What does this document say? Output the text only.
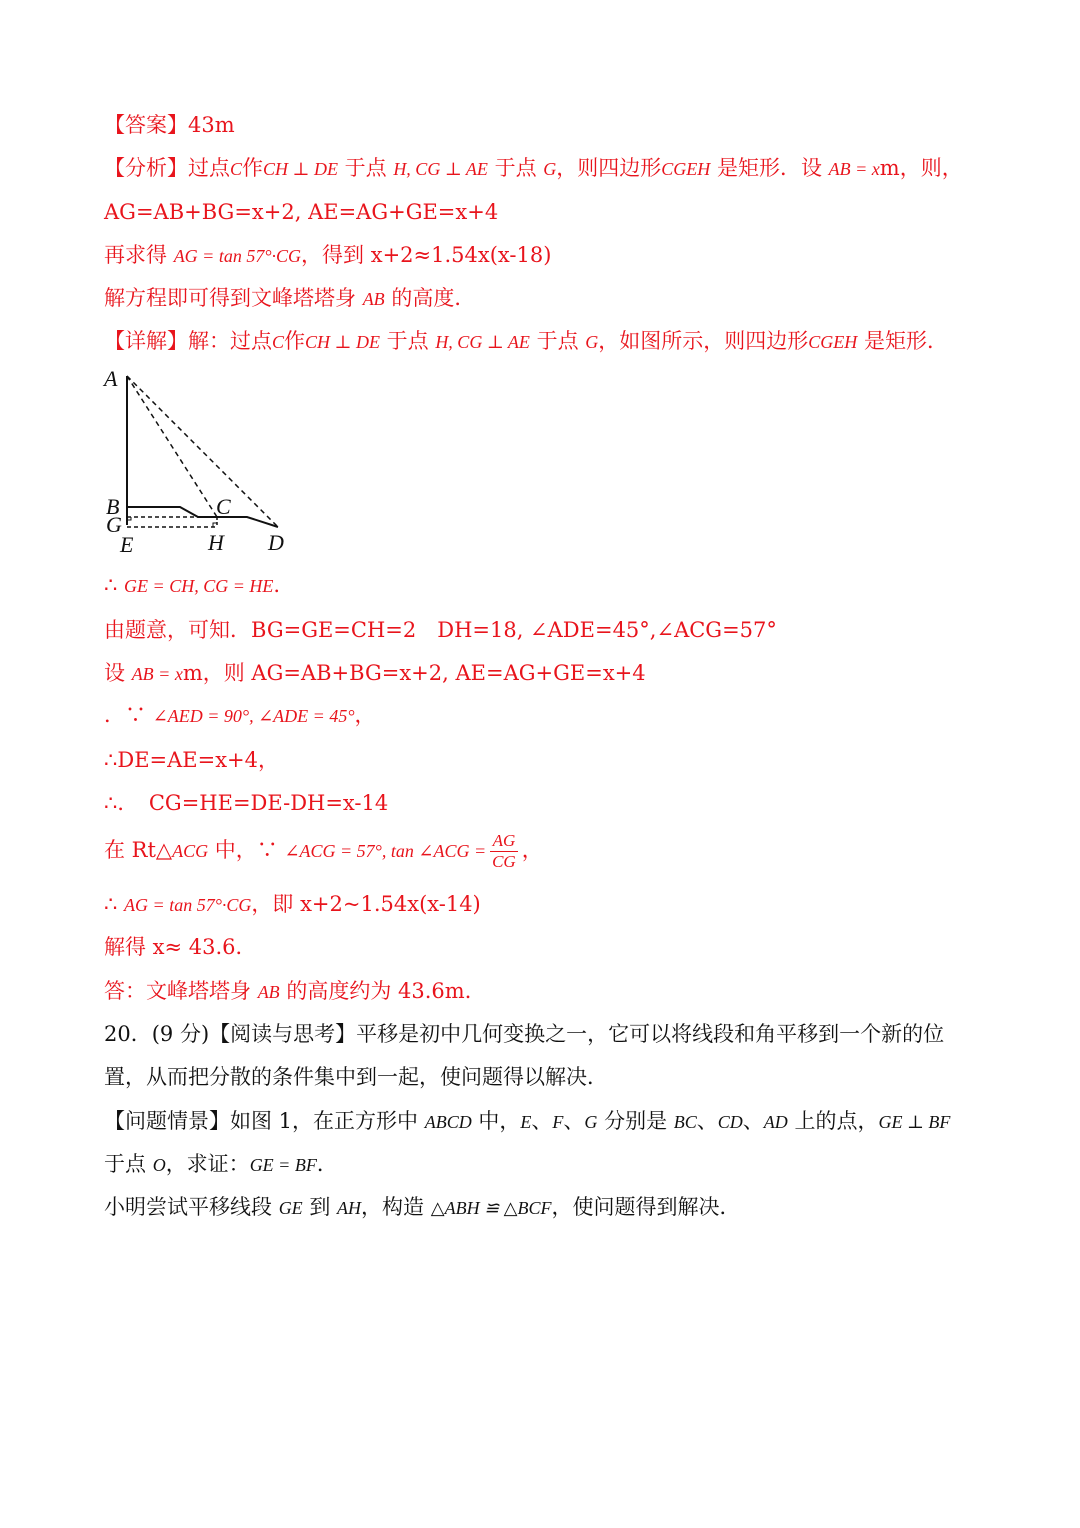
【答案】43m
【分析】过点C作CH ⊥ DE 于点 H, CG ⊥ AE 于点 G，则四边形CGEH 是矩形．设 AB = xm，则，
AG=AB+BG=x+2, AE=AG+GE=x+4
再求得 AG = tan 57°·CG，得到 x+2≈1.54x(x-18)
解方程即可得到文峰塔塔身 AB 的高度．
【详解】解：过点C作CH ⊥ DE 于点 H, CG ⊥ AE 于点 G，如图所示，则四边形CGEH 是矩形．
A
B	C
G
E	H D
∴ GE = CH, CG = HE.
由题意，可知．BG=GE=CH=2　DH=18, ∠ADE=45°,∠ACG=57°
设 AB = xm，则 AG=AB+BG=x+2, AE=AG+GE=x+4
．∵ ∠AED = 90°, ∠ADE = 45°，
∴DE=AE=x+4，
∴．　CG=HE=DE-DH=x-14
在 Rt△ACG 中，∵ ∠ACG = 57°, tan ∠ACG = $\frac{AG}{CG}$ ，
∴ AG = tan 57°·CG，即 x+2~1.54x(x-14)
解得 x≈ 43.6．
答：文峰塔塔身 AB 的高度约为 43.6m．
20．(9 分)【阅读与思考】平移是初中几何变换之一，它可以将线段和角平移到一个新的位
置，从而把分散的条件集中到一起，使问题得以解决．
【问题情景】如图 1，在正方形中 ABCD 中，E、F、G 分别是 BC、CD、AD 上的点，GE ⊥ BF
于点 O，求证：GE = BF．
小明尝试平移线段 GE 到 AH，构造 △ABH ≌ △BCF，使问题得到解决．
